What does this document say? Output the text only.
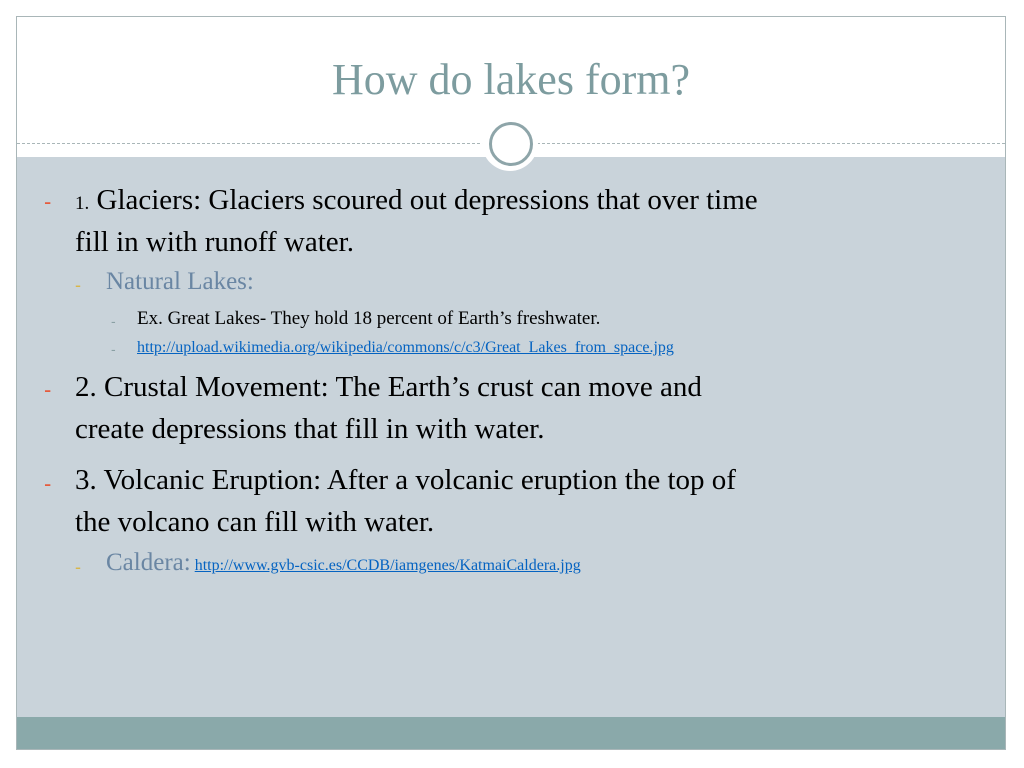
How do lakes form?
- 1. Glaciers: Glaciers scoured out depressions that over time
fill in with runoff water.
- Natural Lakes:
- Ex. Great Lakes- They hold 18 percent of Earth’s freshwater.
- http://upload.wikimedia.org/wikipedia/commons/c/c3/Great_Lakes_from_space.jpg
- 2. Crustal Movement: The Earth’s crust can move and
create depressions that fill in with water.
- 3. Volcanic Eruption: After a volcanic eruption the top of
the volcano can fill with water.
- Caldera: http://www.gvb-csic.es/CCDB/iamgenes/KatmaiCaldera.jpg
